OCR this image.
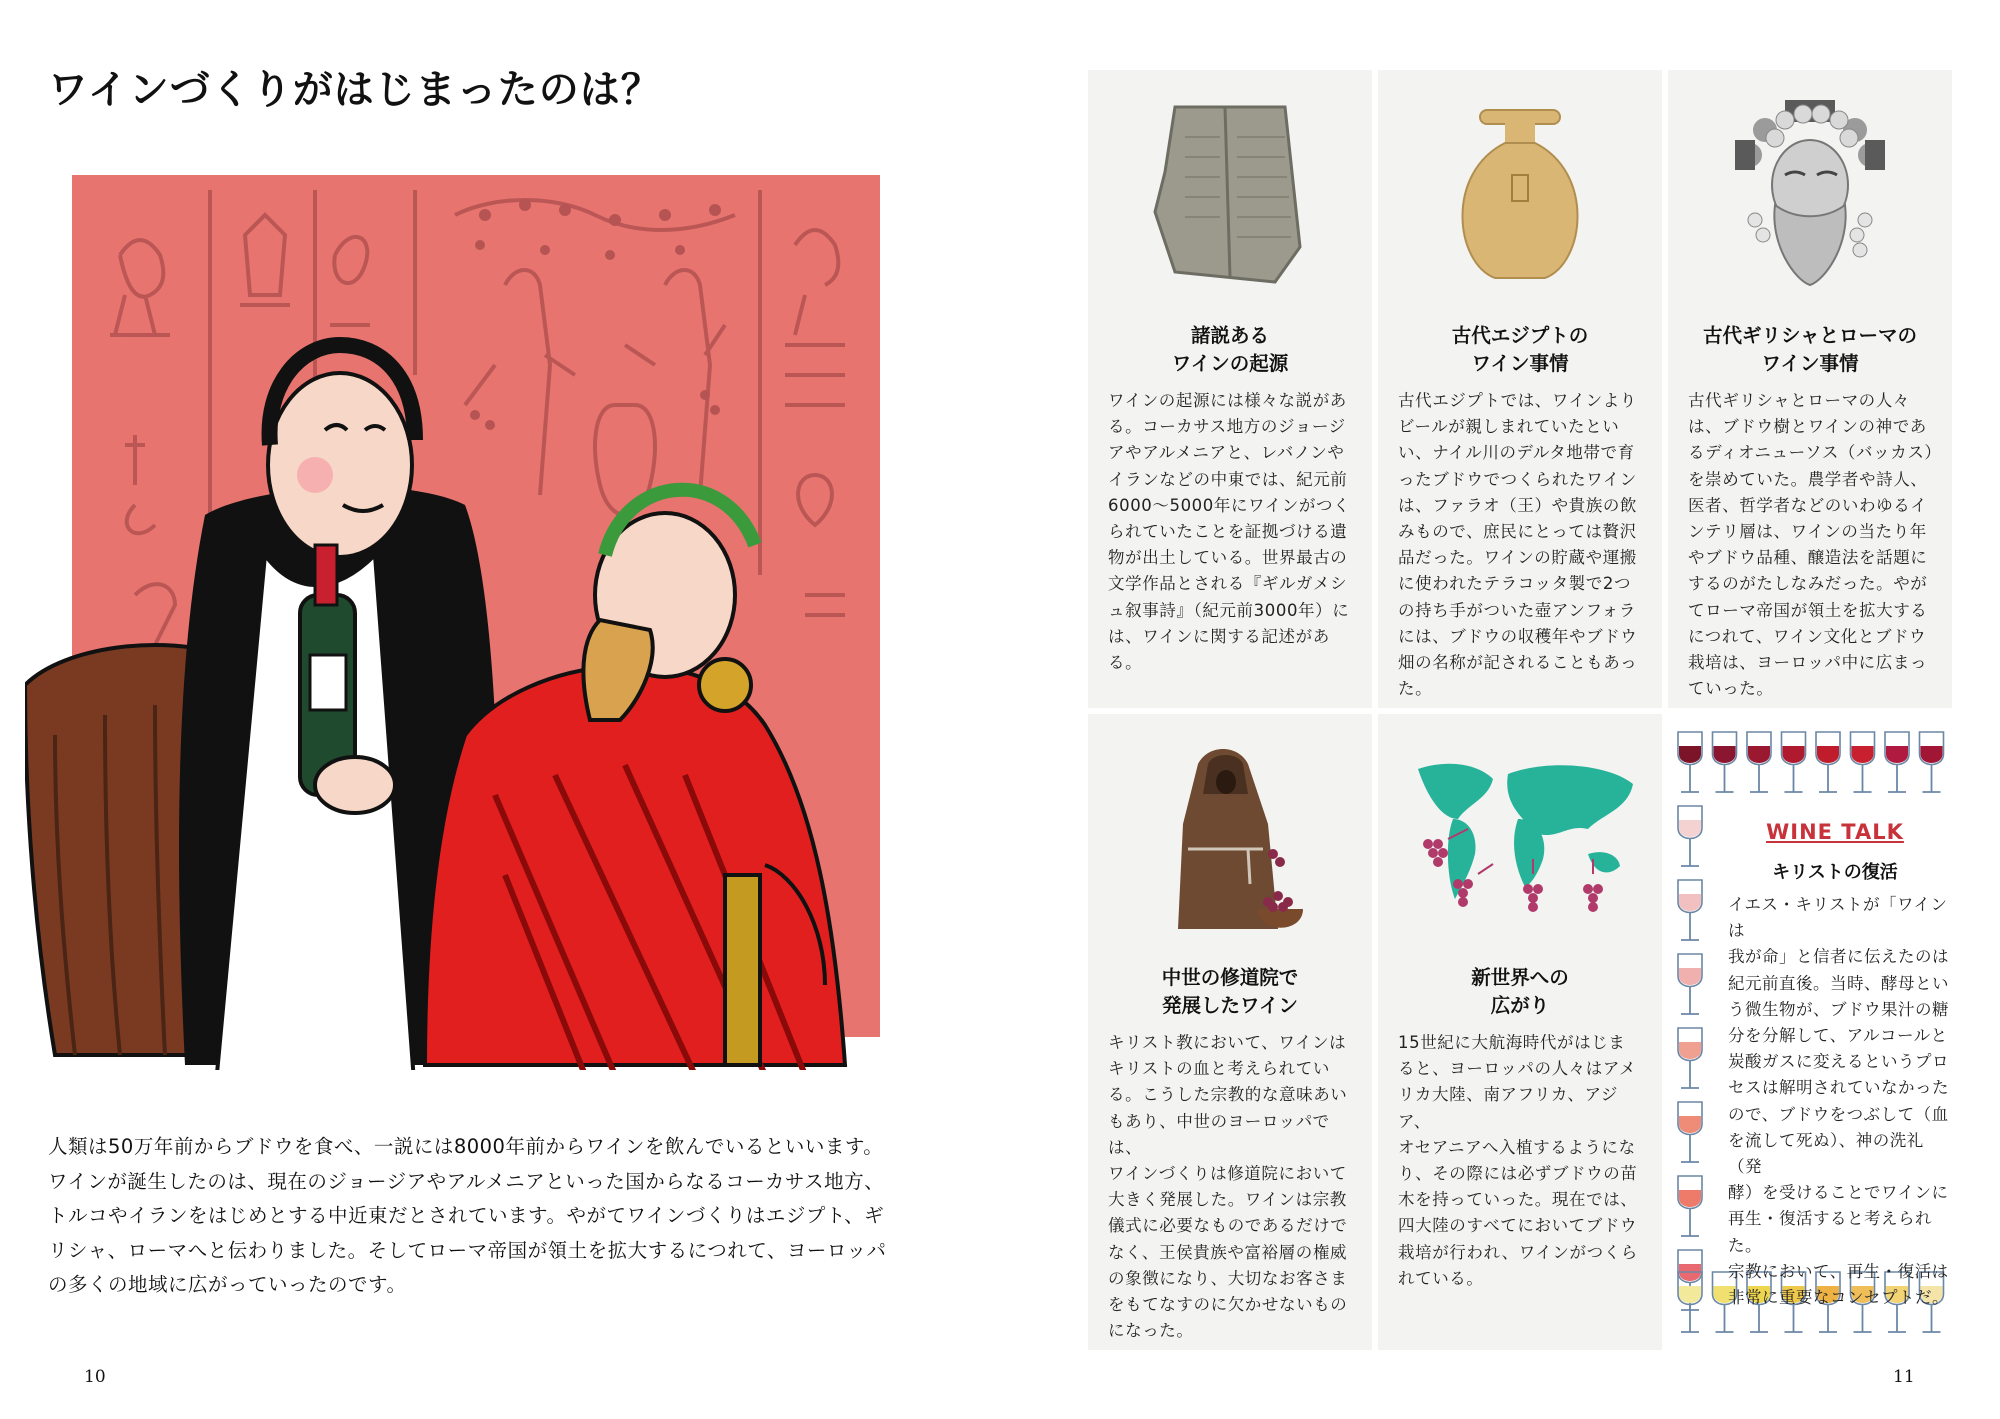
ワインづくりがはじまったのは？

人類は50万年前からブドウを食べ、一説には8000年前からワインを飲んでいるといいます。

ワインが誕生したのは、現在のジョージアやアルメニアといった国からなるコーカサス地方、

トルコやイランをはじめとする中近東だとされています。やがてワインづくりはエジプト、ギ

リシャ、ローマへと伝わりました。そしてローマ帝国が領土を拡大するにつれて、ヨーロッパ

の多くの地域に広がっていったのです。

10	11
諸説ある
ワインの起源
ワインの起源には様々な説があ
る。コーカサス地方のジョージ
アやアルメニアと、レバノンや
イランなどの中東では、紀元前
6000～5000年にワインがつく
られていたことを証拠づける遺
物が出土している。世界最古の
文学作品とされる『ギルガメシ
ュ叙事詩』（紀元前3000年）に
は、ワインに関する記述がある。
古代エジプトの
ワイン事情
古代エジプトでは、ワインより
ビールが親しまれていたとい
い、ナイル川のデルタ地帯で育
ったブドウでつくられたワイン
は、ファラオ（王）や貴族の飲
みもので、庶民にとっては贅沢
品だった。ワインの貯蔵や運搬
に使われたテラコッタ製で2つ
の持ち手がついた壺アンフォラ
には、ブドウの収穫年やブドウ
畑の名称が記されることもあっ
た。
古代ギリシャとローマの
ワイン事情
古代ギリシャとローマの人々
は、ブドウ樹とワインの神であ
るディオニューソス（バッカス）
を崇めていた。農学者や詩人、
医者、哲学者などのいわゆるイ
ンテリ層は、ワインの当たり年
やブドウ品種、醸造法を話題に
するのがたしなみだった。やが
てローマ帝国が領土を拡大する
につれて、ワイン文化とブドウ
栽培は、ヨーロッパ中に広まっ
ていった。
中世の修道院で
発展したワイン
キリスト教において、ワインは
キリストの血と考えられてい
る。こうした宗教的な意味あい
もあり、中世のヨーロッパでは、
ワインづくりは修道院において
大きく発展した。ワインは宗教
儀式に必要なものであるだけで
なく、王侯貴族や富裕層の権威
の象徴になり、大切なお客さま
をもてなすのに欠かせないもの
になった。
新世界への
広がり
15世紀に大航海時代がはじま
ると、ヨーロッパの人々はアメ
リカ大陸、南アフリカ、アジア、
オセアニアへ入植するようにな
り、その際には必ずブドウの苗
木を持っていった。現在では、
四大陸のすべてにおいてブドウ
栽培が行われ、ワインがつくら
れている。
WINE TALK
キリストの復活
イエス・キリストが「ワインは
我が命」と信者に伝えたのは
紀元前直後。当時、酵母とい
う微生物が、ブドウ果汁の糖
分を分解して、アルコールと
炭酸ガスに変えるというプロ
セスは解明されていなかった
ので、ブドウをつぶして（血
を流して死ぬ）、神の洗礼（発
酵）を受けることでワインに
再生・復活すると考えられた。
宗教において、再生・復活は
非常に重要なコンセプトだ。
